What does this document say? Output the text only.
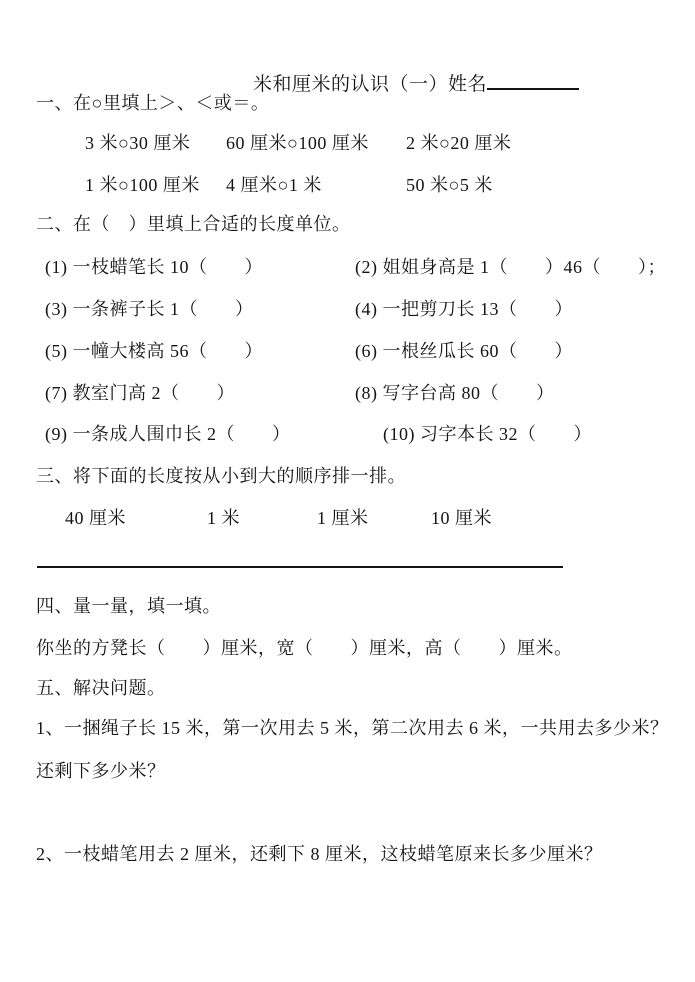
米和厘米的认识（一）姓名

一、在○里填上＞、＜或＝。
3 米○30 厘米 60 厘米○100 厘米 2 米○20 厘米
1 米○100 厘米 4 厘米○1 米	50 米○5 米
二、在（　）里填上合适的长度单位。
(1) 一枝蜡笔长 10（　　）	(2) 姐姐身高是 1（　　）46（　　）；
(3) 一条裤子长 1（　　）	(4) 一把剪刀长 13（　　）
(5) 一幢大楼高 56（　　）	(6) 一根丝瓜长 60（　　）
(7) 教室门高 2（　　）	(8) 写字台高 80（　　）
(9) 一条成人围巾长 2（　　）	(10) 习字本长 32（　　）
三、将下面的长度按从小到大的顺序排一排。
40 厘米	1 米	1 厘米	10 厘米
四、量一量，填一填。
你坐的方凳长（　　）厘米，宽（　　）厘米，高（　　）厘米。
五、解决问题。
1、一捆绳子长 15 米，第一次用去 5 米，第二次用去 6 米，一共用去多少米？
还剩下多少米？
2、一枝蜡笔用去 2 厘米，还剩下 8 厘米，这枝蜡笔原来长多少厘米？
